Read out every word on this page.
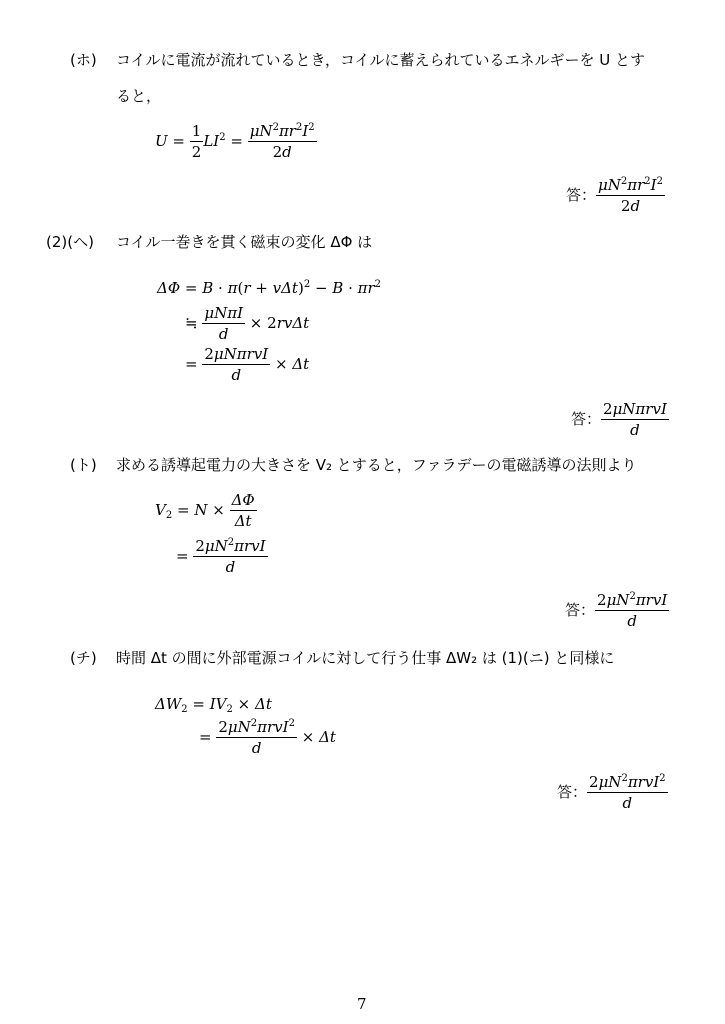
(ホ) コイルに電流が流れているとき，コイルに蓄えられているエネルギーを U とす
ると，
$U = \frac{1}{2} LI^2 = \frac{\mu N^2\pi r^2I^2}{2d}$
答： $\frac{\mu N^2\pi r^2I^2}{2d}$
(2)(ヘ) コイル一巻きを貫く磁束の変化 ΔΦ は
$\Delta\Phi = B \cdot \pi(r + v\Delta t)^2 - B \cdot \pi r^2$
≒ $\frac{\text{μNπI}}{d} \times 2rv\Delta t$
= $\frac{\text{2μNπrvI}}{d} \times \Delta t$
答： $\frac{\text{2μNπrvI}}{d}$
(ト) 求める誘導起電力の大きさを V₂ とすると，ファラデーの電磁誘導の法則より
$V_2 = N \times \frac{\Delta\Phi}{\Delta t}$
= $\frac{2\mu N^2\pi rvI}{d}$
答： $\frac{2\mu N^2\pi rvI}{d}$
(チ) 時間 Δt の間に外部電源コイルに対して行う仕事 ΔW₂ は (1)(ニ) と同様に
$\Delta W_2 = IV_2 \times \Delta t$
= $\frac{2\mu N^2\pi rvI^2}{d} \times \Delta t$
答： $\frac{2\mu N^2\pi rvI^2}{d}$
7
